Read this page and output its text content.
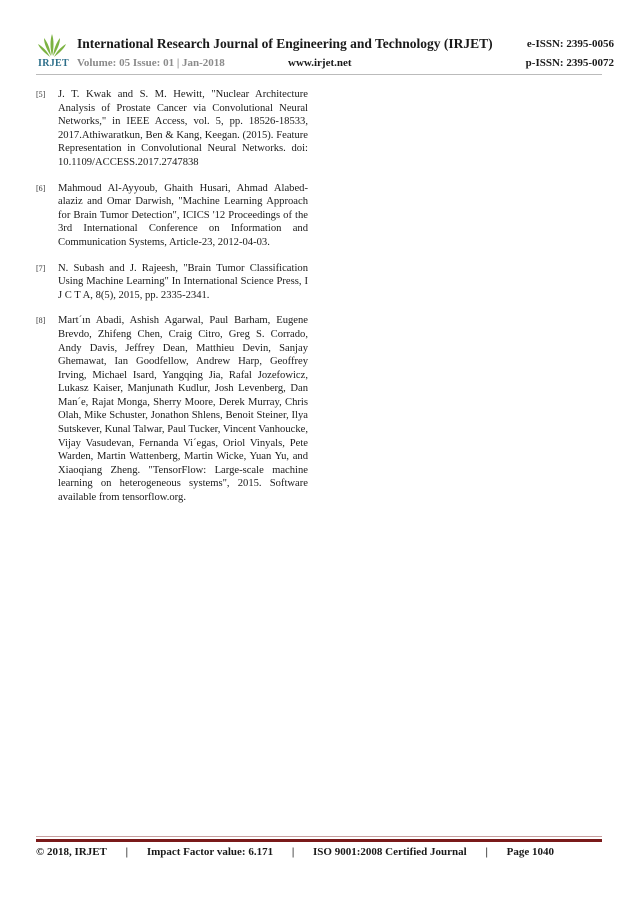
IRJET
International Research Journal of Engineering and Technology (IRJET)	e-ISSN: 2395-0056
Volume: 05 Issue: 01 | Jan-2018	www.irjet.net	p-ISSN: 2395-0072
[5] J. T. Kwak and S. M. Hewitt, "Nuclear Architecture Analysis of Prostate Cancer via Convolutional Neural Networks," in IEEE Access, vol. 5, pp. 18526-18533, 2017.Athiwaratkun, Ben & Kang, Keegan. (2015). Feature Representation in Convolutional Neural Networks. doi: 10.1109/ACCESS.2017.2747838
[6] Mahmoud Al-Ayyoub, Ghaith Husari, Ahmad Alabed-alaziz and Omar Darwish, "Machine Learning Approach for Brain Tumor Detection", ICICS '12 Proceedings of the 3rd International Conference on Information and Communication Systems, Article-23, 2012-04-03.
[7] N. Subash and J. Rajeesh, "Brain Tumor Classification Using Machine Learning" In International Science Press, I J C T A, 8(5), 2015, pp. 2335-2341.
[8] Mart´ın Abadi, Ashish Agarwal, Paul Barham, Eugene Brevdo, Zhifeng Chen, Craig Citro, Greg S. Corrado, Andy Davis, Jeffrey Dean, Matthieu Devin, Sanjay Ghemawat, Ian Goodfellow, Andrew Harp, Geoffrey Irving, Michael Isard, Yangqing Jia, Rafal Jozefowicz, Lukasz Kaiser, Manjunath Kudlur, Josh Levenberg, Dan Man´e, Rajat Monga, Sherry Moore, Derek Murray, Chris Olah, Mike Schuster, Jonathon Shlens, Benoit Steiner, Ilya Sutskever, Kunal Talwar, Paul Tucker, Vincent Vanhoucke, Vijay Vasudevan, Fernanda Vi´egas, Oriol Vinyals, Pete Warden, Martin Wattenberg, Martin Wicke, Yuan Yu, and Xiaoqiang Zheng. "TensorFlow: Large-scale machine learning on heterogeneous systems", 2015. Software available from tensorflow.org.
© 2018, IRJET | Impact Factor value: 6.171 | ISO 9001:2008 Certified Journal | Page 1040
